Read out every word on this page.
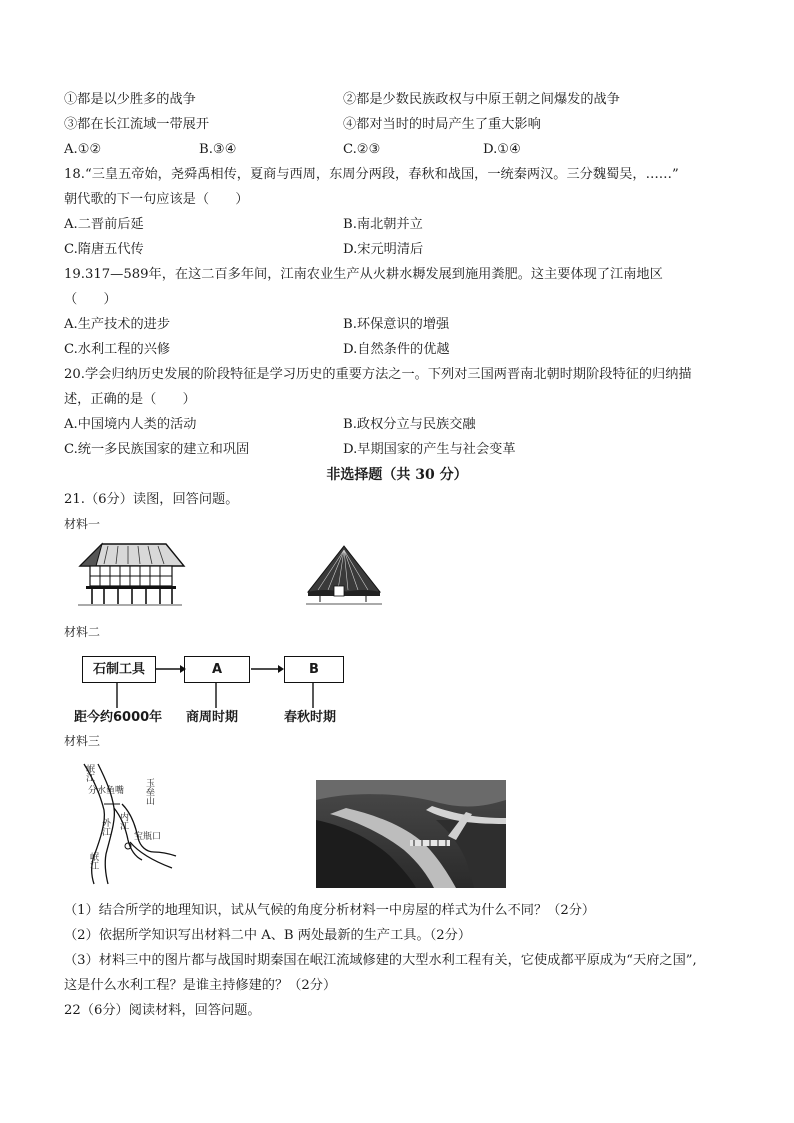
①都是以少胜多的战争	②都是少数民族政权与中原王朝之间爆发的战争
③都在长江流域一带展开	④都对当时的时局产生了重大影响
A.①②	B.③④	C.②③	D.①④
18.“三皇五帝始，尧舜禹相传，夏商与西周，东周分两段，春秋和战国，一统秦两汉。三分魏蜀吴，……”
朝代歌的下一句应该是（　　）
A.二晋前后延	B.南北朝并立
C.隋唐五代传	D.宋元明清后
19.317—589年，在这二百多年间，江南农业生产从火耕水耨发展到施用粪肥。这主要体现了江南地区
（　　）
A.生产技术的进步	B.环保意识的增强
C.水利工程的兴修	D.自然条件的优越
20.学会归纳历史发展的阶段特征是学习历史的重要方法之一。下列对三国两晋南北朝时期阶段特征的归纳描
述，正确的是（　　）
A.中国境内人类的活动	B.政权分立与民族交融
C.统一多民族国家的建立和巩固	D.早期国家的产生与社会变革
非选择题（共 30 分）
21.（6分）读图，回答问题。
材料一
材料二
石制工具	A	B
距今约6000年 商周时期	春秋时期
材料三
岷江
分水鱼嘴
外江 内江
玉垒山
宝瓶口
岷江
（1）结合所学的地理知识，试从气候的角度分析材料一中房屋的样式为什么不同？（2分）
（2）依据所学知识写出材料二中 A、B 两处最新的生产工具。（2分）
（3）材料三中的图片都与战国时期秦国在岷江流域修建的大型水利工程有关，它使成都平原成为“天府之国”,
这是什么水利工程？是谁主持修建的？（2分）
22（6分）阅读材料，回答问题。
